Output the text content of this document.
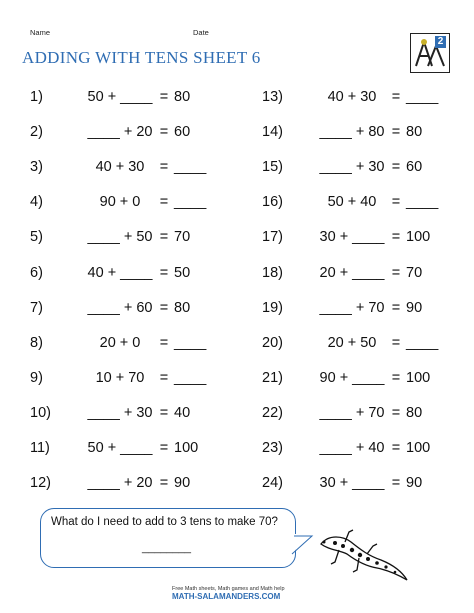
Name	Date
ADDING WITH TENS SHEET 6
2
1)	50 + ____ = 80
2)	____ + 20 = 60
3)	40 + 30	= ____
4)	90 + 0	= ____
5)	____ + 50 = 70
6)	40 + ____ = 50
7)	____ + 60 = 80
8)	20 + 0	= ____
9)	10 + 70	= ____
10)	____ + 30 = 40
11)	50 + ____ = 100
12)	____ + 20 = 90
13)	40 + 30	= ____
14)	____ + 80 = 80
15)	____ + 30 = 60
16)	50 + 40	= ____
17)	30 + ____ = 100
18)	20 + ____ = 70
19)	____ + 70 = 90
20)	20 + 50	= ____
21)	90 + ____ = 100
22)	____ + 70 = 80
23)	____ + 40 = 100
24)	30 + ____ = 90
What do I need to add to 3 tens to make 70?
________
Free Math sheets, Math games and Math help
MATH-SALAMANDERS.COM
